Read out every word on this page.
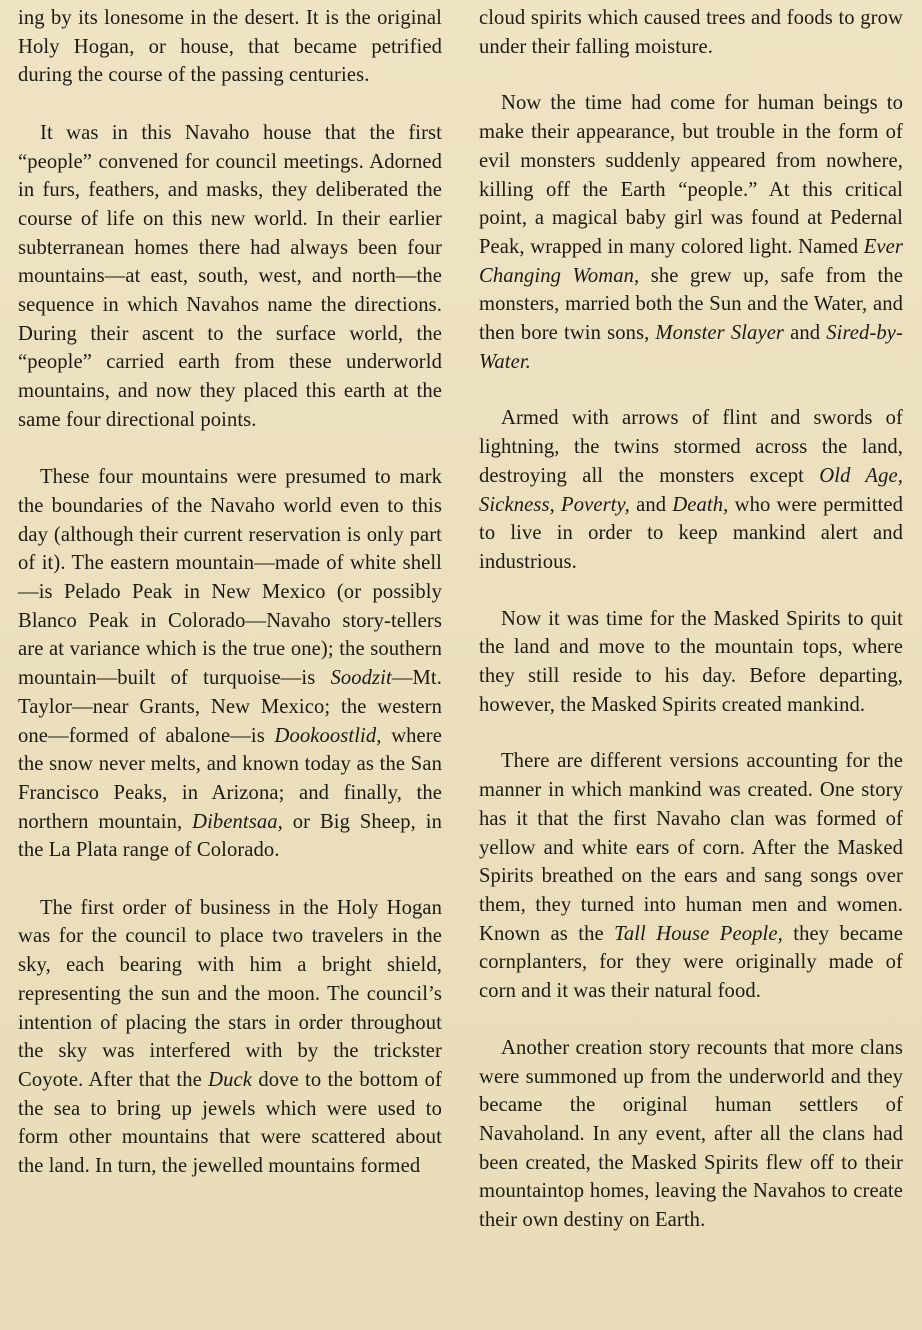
ing by its lonesome in the desert. It is the original Holy Hogan, or house, that became petrified during the course of the passing centuries.

It was in this Navaho house that the first “people” convened for council meetings. Adorned in furs, feathers, and masks, they deliberated the course of life on this new world. In their earlier subterranean homes there had always been four mountains—at east, south, west, and north—the sequence in which Navahos name the directions. During their ascent to the surface world, the “people” carried earth from these underworld mountains, and now they placed this earth at the same four directional points.

These four mountains were presumed to mark the boundaries of the Navaho world even to this day (although their current reservation is only part of it). The eastern mountain—made of white shell—is Pelado Peak in New Mexico (or possibly Blanco Peak in Colorado—Navaho story-tellers are at variance which is the true one); the southern mountain—built of turquoise—is Soodzit—Mt. Taylor—near Grants, New Mexico; the western one—formed of abalone—is Dookoostlid, where the snow never melts, and known today as the San Francisco Peaks, in Arizona; and finally, the northern mountain, Dibentsaa, or Big Sheep, in the La Plata range of Colorado.

The first order of business in the Holy Hogan was for the council to place two travelers in the sky, each bearing with him a bright shield, representing the sun and the moon. The council’s intention of placing the stars in order throughout the sky was interfered with by the trickster Coyote. After that the Duck dove to the bottom of the sea to bring up jewels which were used to form other mountains that were scattered about the land. In turn, the jewelled mountains formed

cloud spirits which caused trees and foods to grow under their falling moisture.

Now the time had come for human beings to make their appearance, but trouble in the form of evil monsters suddenly appeared from nowhere, killing off the Earth “people.” At this critical point, a magical baby girl was found at Pedernal Peak, wrapped in many colored light. Named Ever Changing Woman, she grew up, safe from the monsters, married both the Sun and the Water, and then bore twin sons, Monster Slayer and Sired-by-Water.

Armed with arrows of flint and swords of lightning, the twins stormed across the land, destroying all the monsters except Old Age, Sickness, Poverty, and Death, who were permitted to live in order to keep mankind alert and industrious.

Now it was time for the Masked Spirits to quit the land and move to the mountain tops, where they still reside to his day. Before departing, however, the Masked Spirits created mankind.

There are different versions accounting for the manner in which mankind was created. One story has it that the first Navaho clan was formed of yellow and white ears of corn. After the Masked Spirits breathed on the ears and sang songs over them, they turned into human men and women. Known as the Tall House People, they became cornplanters, for they were originally made of corn and it was their natural food.

Another creation story recounts that more clans were summoned up from the underworld and they became the original human settlers of Navaholand. In any event, after all the clans had been created, the Masked Spirits flew off to their mountaintop homes, leaving the Navahos to create their own destiny on Earth.
